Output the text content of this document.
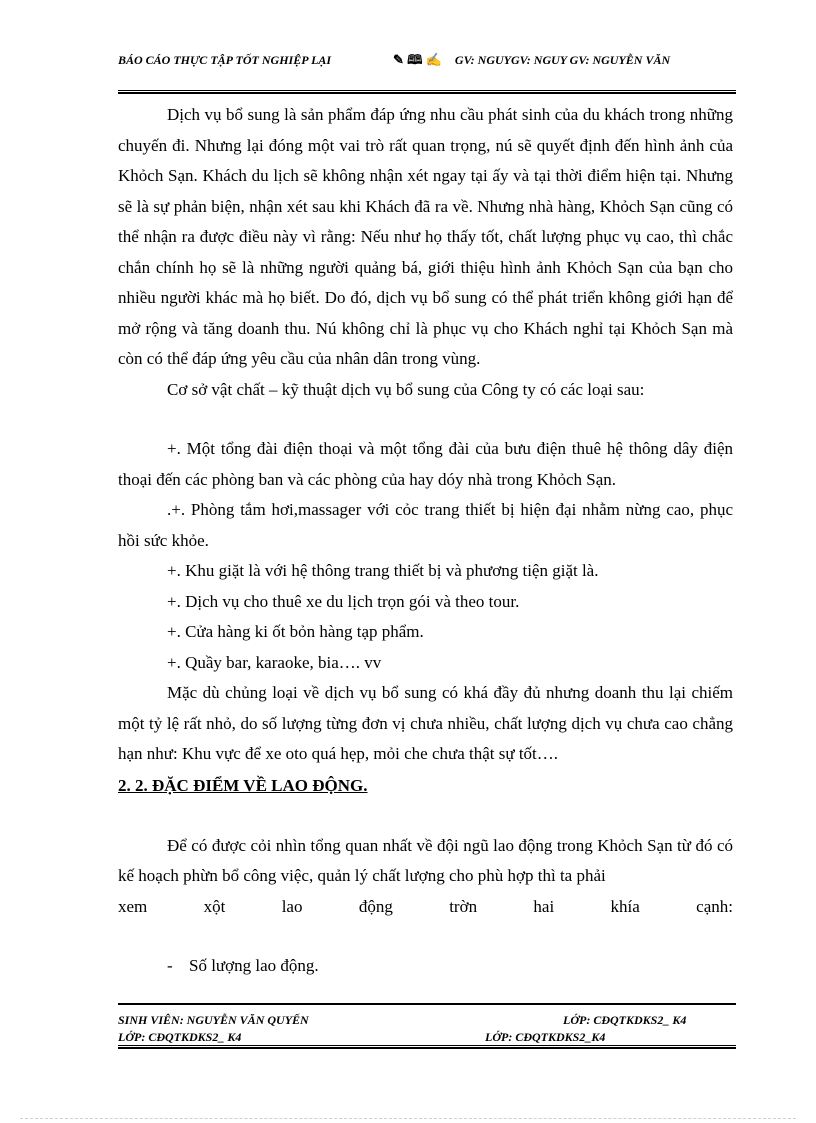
BÁO CÁO THỰC TẬP TỐT NGHIỆP LẠI	✎ 🕮 ✍ GV: NGUYGV: NGUY GV: NGUYỄN VĂN

Dịch vụ bổ sung là sản phẩm đáp ứng nhu cầu phát sinh của du khách trong những chuyến đi. Nhưng lại đóng một vai trò rất quan trọng, nú sẽ quyết định đến hình ảnh của Khỏch Sạn. Khách du lịch sẽ không nhận xét ngay tại ấy và tại thời điểm hiện tại. Nhưng sẽ là sự phản biện, nhận xét sau khi Khách đã ra về. Nhưng nhà hàng, Khỏch Sạn cũng có thể nhận ra được điều này vì rằng: Nếu như họ thấy tốt, chất lượng phục vụ cao, thì chắc chắn chính họ sẽ là những người quảng bá, giới thiệu hình ảnh Khỏch Sạn của bạn cho nhiều người khác mà họ biết. Do đó, dịch vụ bổ sung có thể phát triển không giới hạn để mở rộng và tăng doanh thu. Nú không chỉ là phục vụ cho Khách nghỉ tại Khỏch Sạn mà còn có thể đáp ứng yêu cầu của nhân dân trong vùng.

Cơ sở vật chất – kỹ thuật dịch vụ bổ sung của Công ty có các loại sau:

+. Một tổng đài điện thoại và một tổng đài của bưu điện thuê hệ thông dây điện thoại đến các phòng ban và các phòng của hay dóy nhà trong Khỏch Sạn.

.+. Phòng tắm hơi,massager với cỏc trang thiết bị hiện đại nhằm nừng cao, phục hồi sức khỏe.

+. Khu giặt là với hệ thông trang thiết bị và phương tiện giặt là.

+. Dịch vụ cho thuê xe du lịch trọn gói và theo tour.

+. Cửa hàng ki ốt bỏn hàng tạp phẩm.

+. Quầy bar, karaoke, bia…. vv

Mặc dù chủng loại về dịch vụ bổ sung có khá đầy đủ nhưng doanh thu lại chiếm một tỷ lệ rất nhỏ, do số lượng từng đơn vị chưa nhiều, chất lượng dịch vụ chưa cao chẳng hạn như: Khu vực để xe oto quá hẹp, mỏi che chưa thật sự tốt….

2. 2. ĐẶC ĐIỂM VỀ LAO ĐỘNG.

Để có được cỏi nhìn tổng quan nhất về đội ngũ lao động trong Khỏch Sạn từ đó có kế hoạch phừn bổ công việc, quản lý chất lượng cho phù hợp thì ta phải

xem xột lao động trờn hai khía cạnh:

- Số lượng lao động.

SINH VIÊN: NGUYỄN VĂN QUYẾN	LỚP: CĐQTKDKS2_ K4
LỚP: CĐQTKDKS2_ K4	LỚP: CĐQTKDKS2_K4
